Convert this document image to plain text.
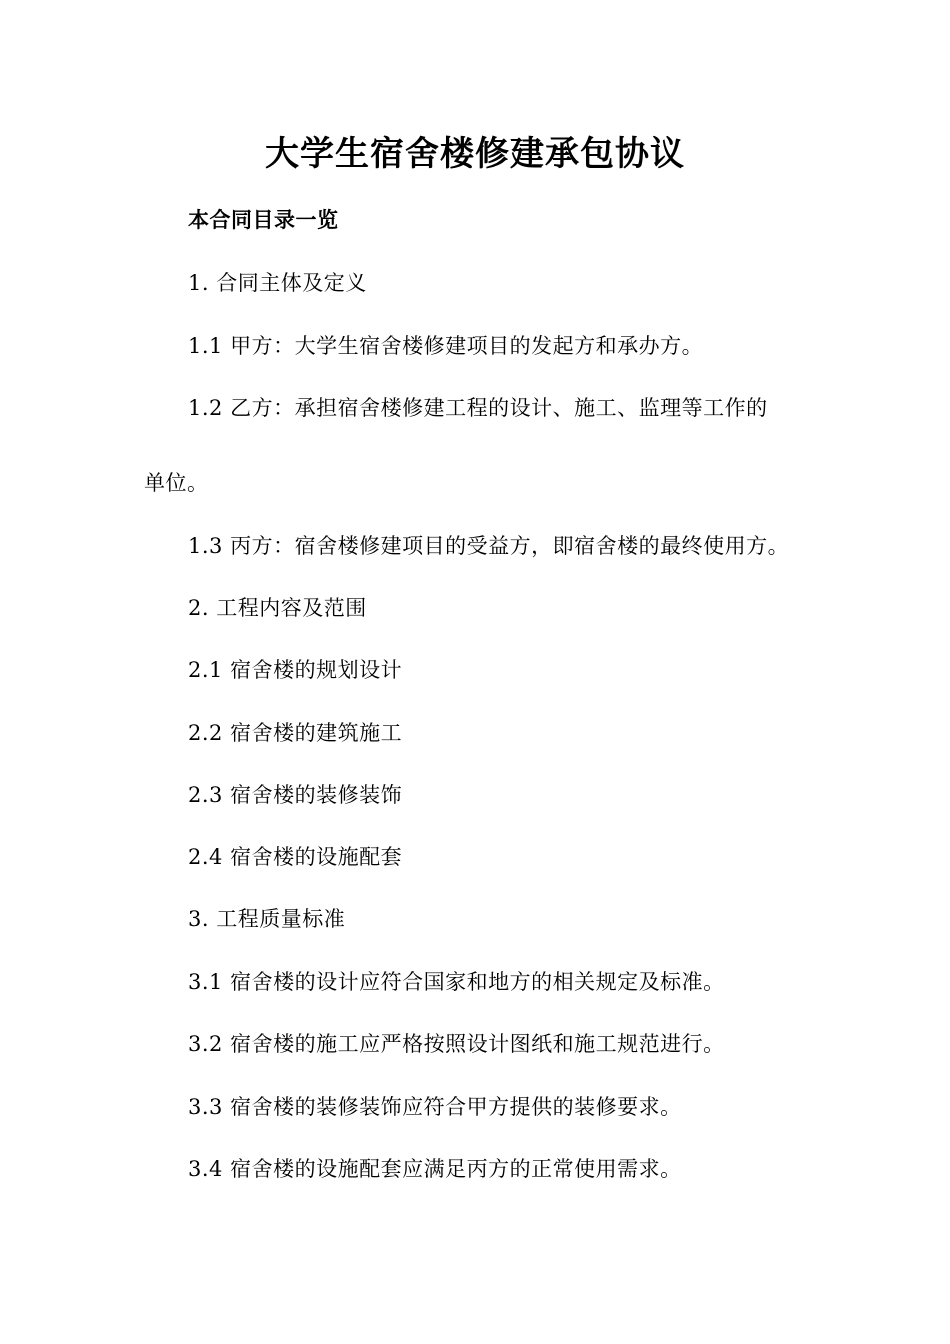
大学生宿舍楼修建承包协议
本合同目录一览
1. 合同主体及定义
1.1 甲方：大学生宿舍楼修建项目的发起方和承办方。
1.2 乙方：承担宿舍楼修建工程的设计、施工、监理等工作的
单位。
1.3 丙方：宿舍楼修建项目的受益方，即宿舍楼的最终使用方。
2. 工程内容及范围
2.1 宿舍楼的规划设计
2.2 宿舍楼的建筑施工
2.3 宿舍楼的装修装饰
2.4 宿舍楼的设施配套
3. 工程质量标准
3.1 宿舍楼的设计应符合国家和地方的相关规定及标准。
3.2 宿舍楼的施工应严格按照设计图纸和施工规范进行。
3.3 宿舍楼的装修装饰应符合甲方提供的装修要求。
3.4 宿舍楼的设施配套应满足丙方的正常使用需求。
